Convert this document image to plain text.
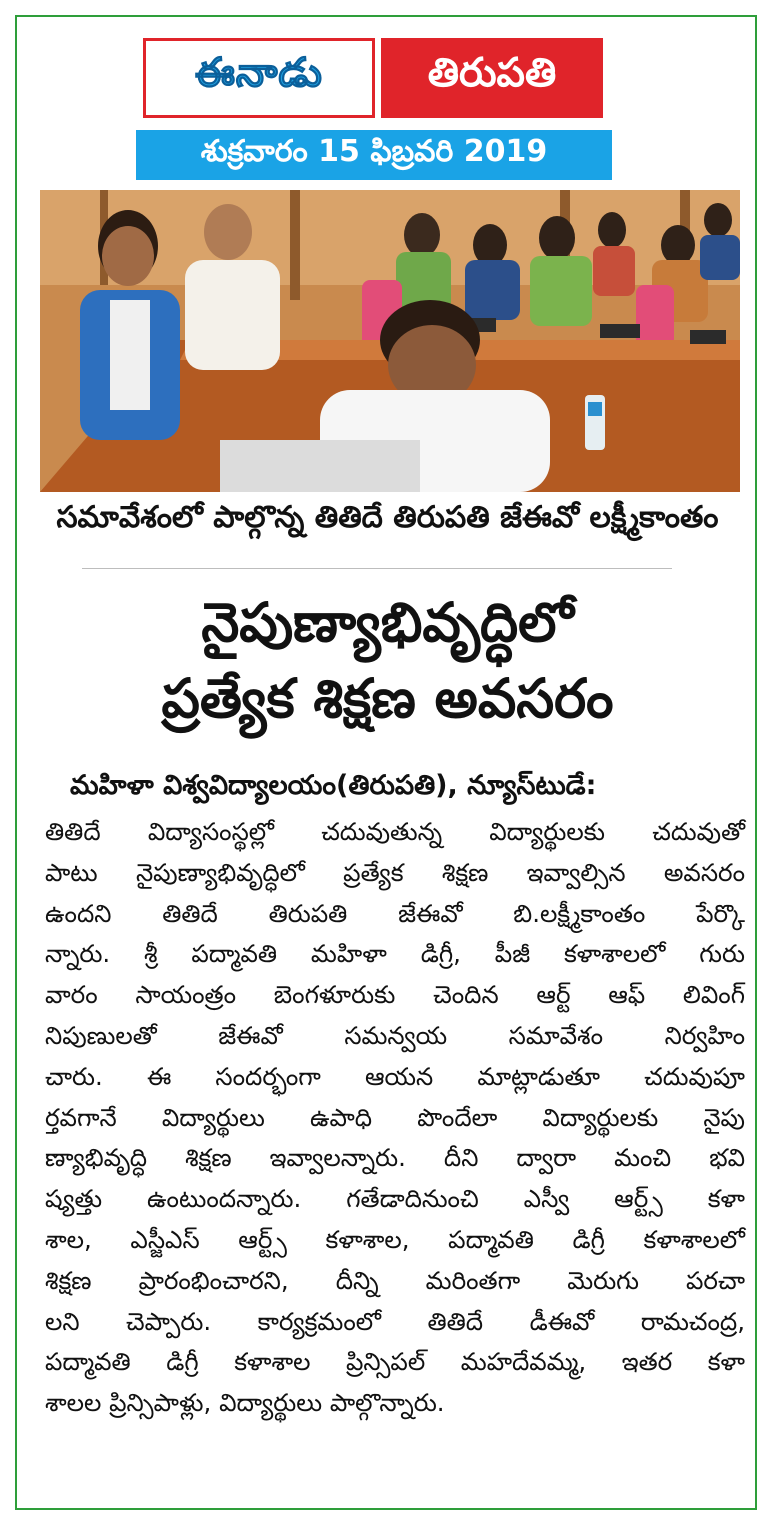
ఈనాడు	తిరుపతి
శుక్రవారం 15 ఫిబ్రవరి 2019
సమావేశంలో పాల్గొన్న తితిదే తిరుపతి జేఈవో లక్ష్మీకాంతం
నైపుణ్యాభివృద్ధిలో
ప్రత్యేక శిక్షణ అవసరం
మహిళా విశ్వవిద్యాలయం(తిరుపతి), న్యూస్‌టుడే:
తితిదే విద్యాసంస్థల్లో చదువుతున్న విద్యార్థులకు చదువుతో
పాటు నైపుణ్యాభివృద్ధిలో ప్రత్యేక శిక్షణ ఇవ్వాల్సిన అవసరం
ఉందని తితిదే తిరుపతి జేఈవో బి.లక్ష్మీకాంతం పేర్కొ
న్నారు. శ్రీ పద్మావతి మహిళా డిగ్రీ, పీజీ కళాశాలలో గురు
వారం సాయంత్రం బెంగళూరుకు చెందిన ఆర్ట్ ఆఫ్ లివింగ్
నిపుణులతో జేఈవో సమన్వయ సమావేశం నిర్వహిం
చారు. ఈ సందర్భంగా ఆయన మాట్లాడుతూ చదువుపూ
ర్తవగానే విద్యార్థులు ఉపాధి పొందేలా విద్యార్థులకు నైపు
ణ్యాభివృద్ధి శిక్షణ ఇవ్వాలన్నారు. దీని ద్వారా మంచి భవి
ష్యత్తు ఉంటుందన్నారు. గతేడాదినుంచి ఎస్వీ ఆర్ట్స్ కళా
శాల, ఎస్జీఎస్ ఆర్ట్స్ కళాశాల, పద్మావతి డిగ్రీ కళాశాలలో
శిక్షణ ప్రారంభించారని, దీన్ని మరింతగా మెరుగు పరచా
లని చెప్పారు. కార్యక్రమంలో తితిదే డీఈవో రామచంద్ర,
పద్మావతి డిగ్రీ కళాశాల ప్రిన్సిపల్ మహదేవమ్మ, ఇతర కళా
శాలల ప్రిన్సిపాళ్లు, విద్యార్థులు పాల్గొన్నారు.
